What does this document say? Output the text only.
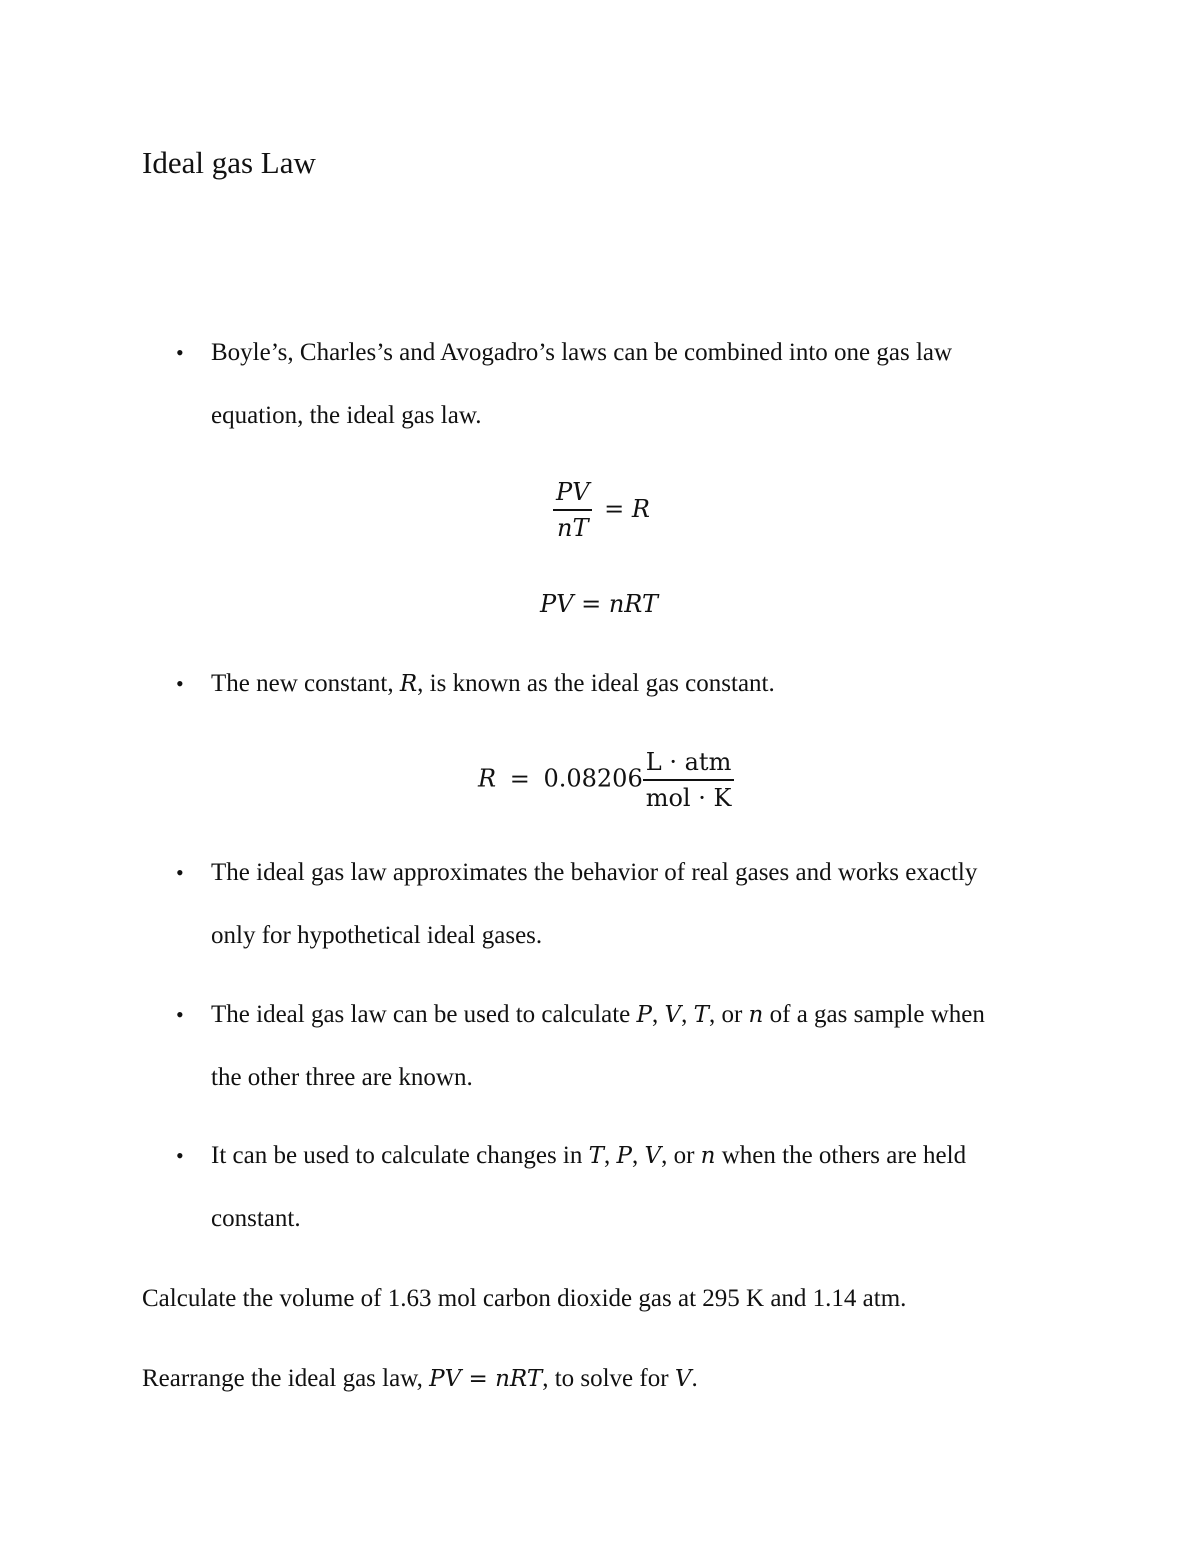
Ideal gas Law
• Boyle’s, Charles’s and Avogadro’s laws can be combined into one gas law
equation, the ideal gas law.
$\frac{PV}{nT} = R$
PV = nRT
• The new constant, R, is known as the ideal gas constant.
$R = 0.08206 \frac{\text{L · atm}}{\text{mol · K}}$
• The ideal gas law approximates the behavior of real gases and works exactly
only for hypothetical ideal gases.
• The ideal gas law can be used to calculate P, V, T, or n of a gas sample when
the other three are known.
• It can be used to calculate changes in T, P, V, or n when the others are held
constant.
Calculate the volume of 1.63 mol carbon dioxide gas at 295 K and 1.14 atm.
Rearrange the ideal gas law, PV = nRT, to solve for V.
